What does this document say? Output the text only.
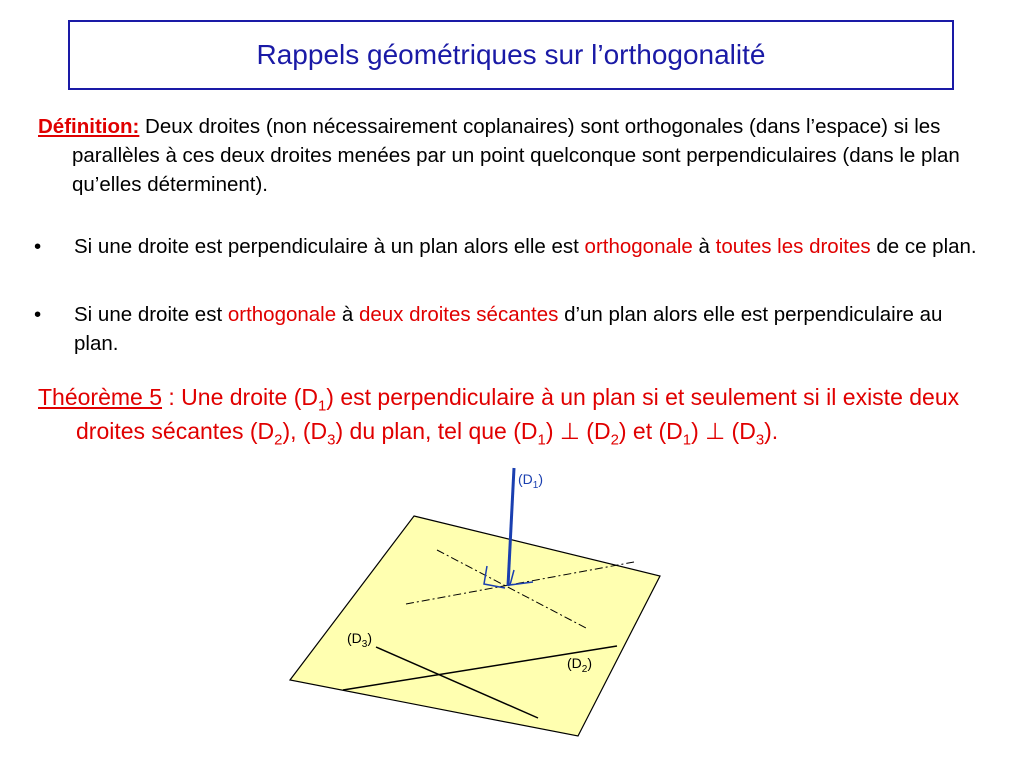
Rappels géométriques sur l’orthogonalité
Définition: Deux droites (non nécessairement coplanaires) sont orthogonales (dans l’espace) si les parallèles à ces deux droites menées par un point quelconque sont perpendiculaires (dans le plan qu’elles déterminent).
• Si une droite est perpendiculaire à un plan alors elle est orthogonale à toutes les droites de ce plan.
• Si une droite est orthogonale à deux droites sécantes d’un plan alors elle est perpendiculaire au plan.
Théorème 5 : Une droite $(D_1)$ est perpendiculaire à un plan si et seulement si il existe deux droites sécantes $(D_2)$, $(D_3)$ du plan, tel que $(D_1)$ ⊥ $(D_2)$ et $(D_1)$ ⊥ $(D_3)$.
$(D_1)$
$(D_3)$
$(D_2)$
